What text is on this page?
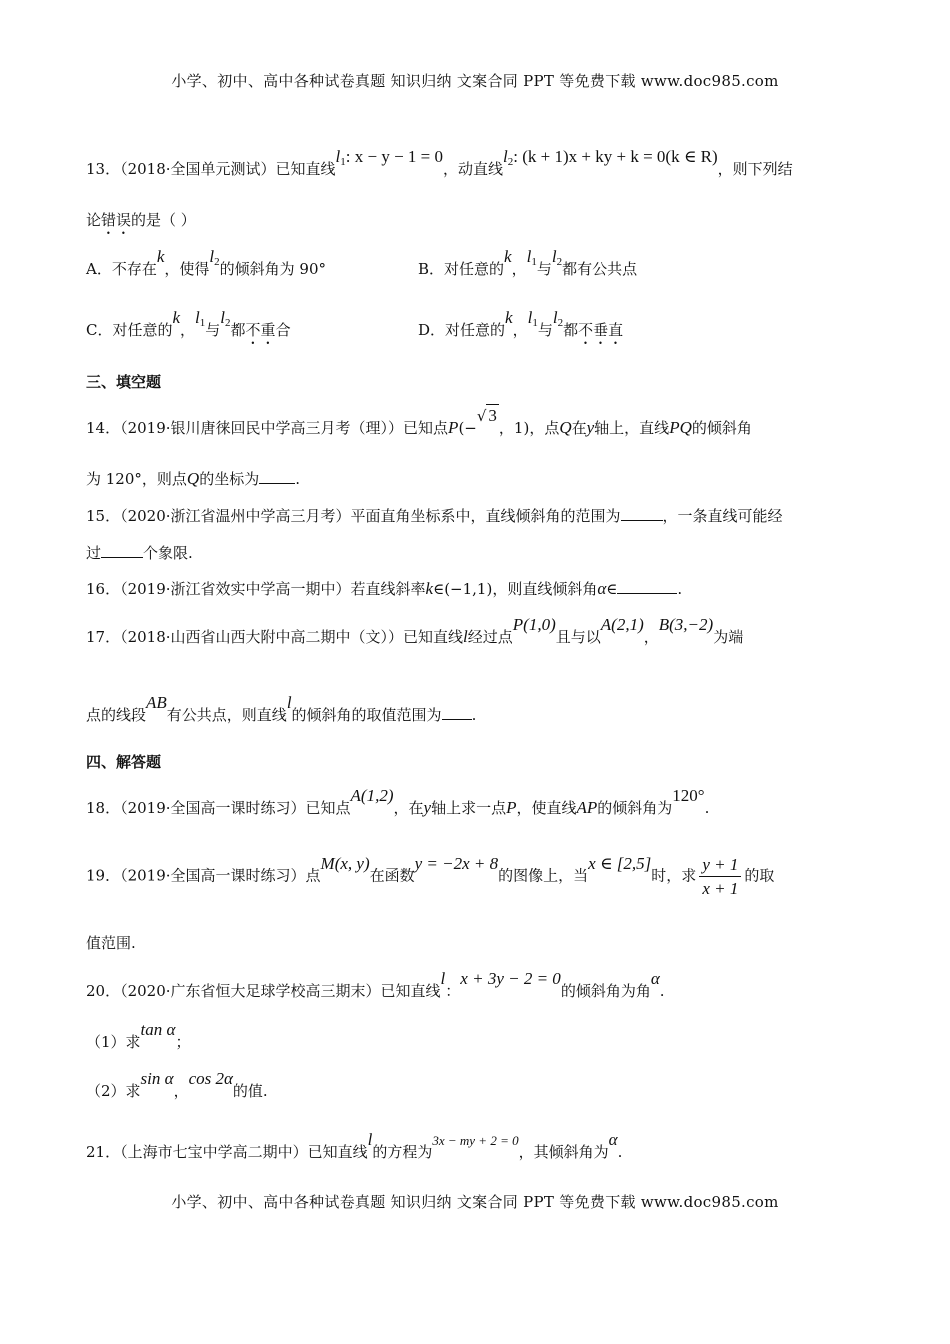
小学、初中、高中各种试卷真题 知识归纳 文案合同 PPT 等免费下载 www.doc985.com
13．（2018·全国单元测试）已知直线$l_1$: x − y − 1 = 0，动直线$l_2$: (k + 1)x + ky + k = 0(k ∈ R)，则下列结
论错误的是（ ）
A．不存在k，使得$l_2$的倾斜角为 90°	B．对任意的k，$l_1$与$l_2$都有公共点
C．对任意的k，$l_1$与$l_2$都不重合	D．对任意的k，$l_1$与$l_2$都不垂直
三、填空题
14．（2019·银川唐徕回民中学高三月考（理））已知点P(−√ 3，1)，点Q在y轴上，直线PQ的倾斜角
为 120°，则点Q的坐标为 .
15．（2020·浙江省温州中学高三月考）平面直角坐标系中，直线倾斜角的范围为	，一条直线可能经
过	个象限.
16．（2019·浙江省效实中学高一期中）若直线斜率k∈(−1,1)，则直线倾斜角α∈	.
17．（2018·山西省山西大附中高二期中（文））已知直线l经过点P(1,0)且与以A(2,1)，B(3,−2)为端
点的线段AB有公共点，则直线l的倾斜角的取值范围为 .
四、解答题
18．（2019·全国高一课时练习）已知点A(1,2)，在y轴上求一点P，使直线AP的倾斜角为120°.
19．（2019·全国高一课时练习）点M(x, y)在函数y = −2x + 8的图像上，当x ∈ [2,5]时，求 $\frac{y + 1}{x + 1}$ 的取
值范围.
20．（2020·广东省恒大足球学校高三期末）已知直线l：x + 3y − 2 = 0的倾斜角为角α.
（1）求tan α；
（2）求sin α，cos 2α的值.
21．（上海市七宝中学高二期中）已知直线l的方程为3x − my + 2 = 0，其倾斜角为α.
小学、初中、高中各种试卷真题 知识归纳 文案合同 PPT 等免费下载 www.doc985.com
